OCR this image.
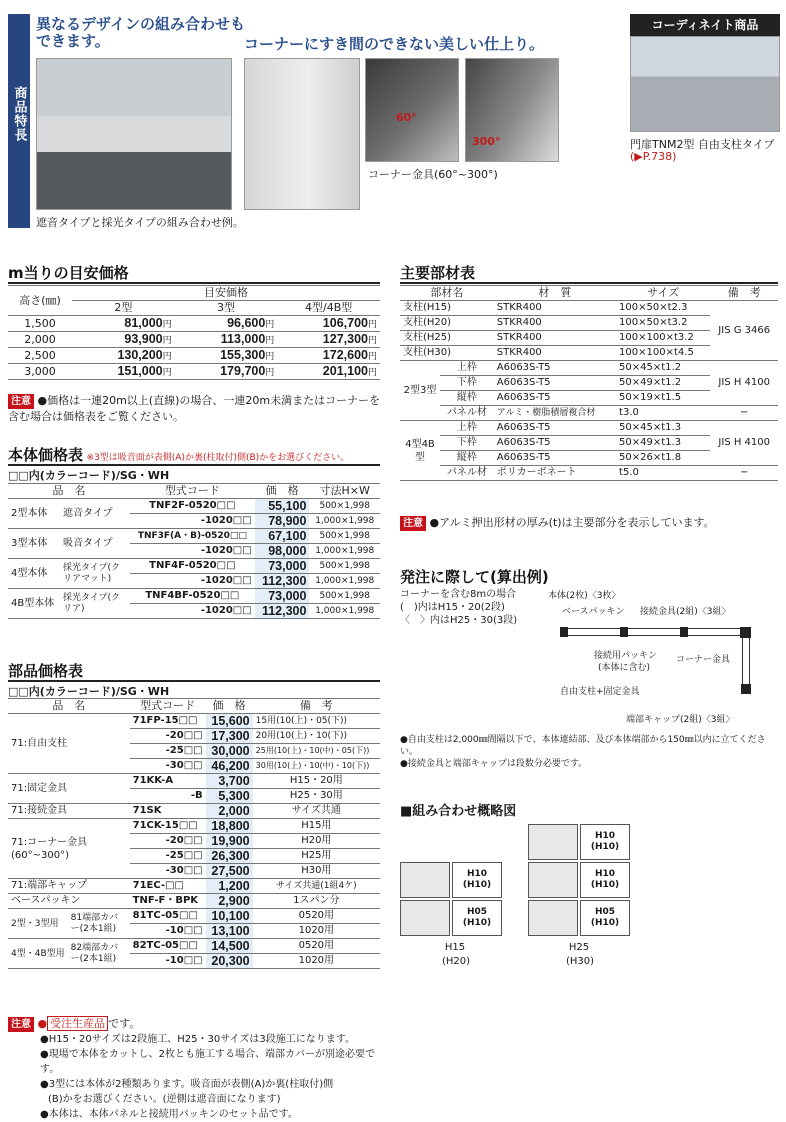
商品特長
異なるデザインの組み合わせもできます。
遮音タイプと採光タイプの組み合わせ例。
コーナーにすき間のできない美しい仕上り。
60°
300°
コーナー金具(60°~300°)
コーディネイト商品
門扉TNM2型 自由支柱タイプ
(▶P.738)
m当りの目安価格
高さ(㎜)	目安価格		
	2型	3型	4型/4B型
1,500	81,000円	96,600円	106,700円
2,000	93,900円	113,000円	127,300円
2,500	130,200円	155,300円	172,600円
3,000	151,000円	179,700円	201,100円
注意 ●価格は一連20m以上(直線)の場合、一連20m未満またはコーナーを含む場合は価格表をご覧ください。
本体価格表 ※3型は吸音面が表側(A)か裏(柱取付)側(B)かをお選びください。
□□内(カラーコード)/SG・WH
品　名		型式コード	価　格	寸法H×W
2型本体	遮音タイプ	TNF2F-0520□□	55,100	500×1,998
		-1020□□	78,900	1,000×1,998
3型本体	吸音タイプ	TNF3F(A・B)-0520□□	67,100	500×1,998
		-1020□□	98,000	1,000×1,998
4型本体	採光タイプ(クリアマット)	TNF4F-0520□□	73,000	500×1,998
		-1020□□	112,300	1,000×1,998
4B型本体	採光タイプ(クリア)	TNF4BF-0520□□	73,000	500×1,998
		-1020□□	112,300	1,000×1,998
部品価格表
□□内(カラーコード)/SG・WH
品　名		型式コード	価　格	備　考
71:自由支柱		71FP-15□□	15,600	15用(10(上)・05(下))
		-20□□	17,300	20用(10(上)・10(下))
		-25□□	30,000	25用(10(上)・10(中)・05(下))
		-30□□	46,200	30用(10(上)・10(中)・10(下))
71:固定金具		71KK-A	3,700	H15・20用
		-B	5,300	H25・30用
71:接続金具		71SK	2,000	サイズ共通
71:コーナー金具(60°~300°)		71CK-15□□	18,800	H15用
		-20□□	19,900	H20用
		-25□□	26,300	H25用
		-30□□	27,500	H30用
71:端部キャップ		71EC-□□	1,200	サイズ共通(1組4ケ)
ベースパッキン		TNF-F・BPK	2,900	1スパン分
2型・3型用	81端部カバー(2本1組)	81TC-05□□	10,100	0520用
		-10□□	13,100	1020用
4型・4B型用	82端部カバー(2本1組)	82TC-05□□	14,500	0520用
		-10□□	20,300	1020用
注意 ● 受注生産品 です。
●H15・20サイズは2段施工、H25・30サイズは3段施工になります。
●現場で本体をカットし、2枚とも施工する場合、端部カバーが別途必要です。
●3型には本体が2種類あります。吸音面が表側(A)か裏(柱取付)側
(B)かをお選びください。(逆側は遮音面になります)
●本体は、本体パネルと接続用パッキンのセット品です。
主要部材表
部材名		材　質	サイズ	備　考
支柱(H15)		STKR400	100×50×t2.3	JIS G 3466
支柱(H20)		STKR400	100×50×t3.2	
支柱(H25)		STKR400	100×100×t3.2	
支柱(H30)		STKR400	100×100×t4.5	
2型3型	上枠	A6063S-T5	50×45×t1.2	JIS H 4100
	下枠	A6063S-T5	50×49×t1.2	
	縦枠	A6063S-T5	50×19×t1.5	
	パネル材	アルミ・樹脂積層複合材	t3.0	−
4型4B型	上枠	A6063S-T5	50×45×t1.3	JIS H 4100
	下枠	A6063S-T5	50×49×t1.3	
	縦枠	A6063S-T5	50×26×t1.8	
	パネル材	ポリカーボネート	t5.0	−
注意 ●アルミ押出形材の厚み(t)は主要部分を表示しています。
発注に際して(算出例)
コーナーを含む8mの場合
(　)内はH15・20(2段)
〈　〉内はH25・30(3段)
本体(2枚)〈3枚〉
ベースパッキン 接続金具(2組)〈3組〉
接続用パッキン
(本体に含む)
コーナー金具
自由支柱+固定金具
端部キャップ(2組)〈3組〉
●自由支柱は2,000㎜間隔以下で、本体連結部、及び本体端部から150㎜以内に立てください。
●接続金具と端部キャップは段数分必要です。
■組み合わせ概略図
H10
(H10)
H05
(H10)
H15
(H20)
H10
(H10)
H10
(H10)
H05
(H10)
H25
(H30)
